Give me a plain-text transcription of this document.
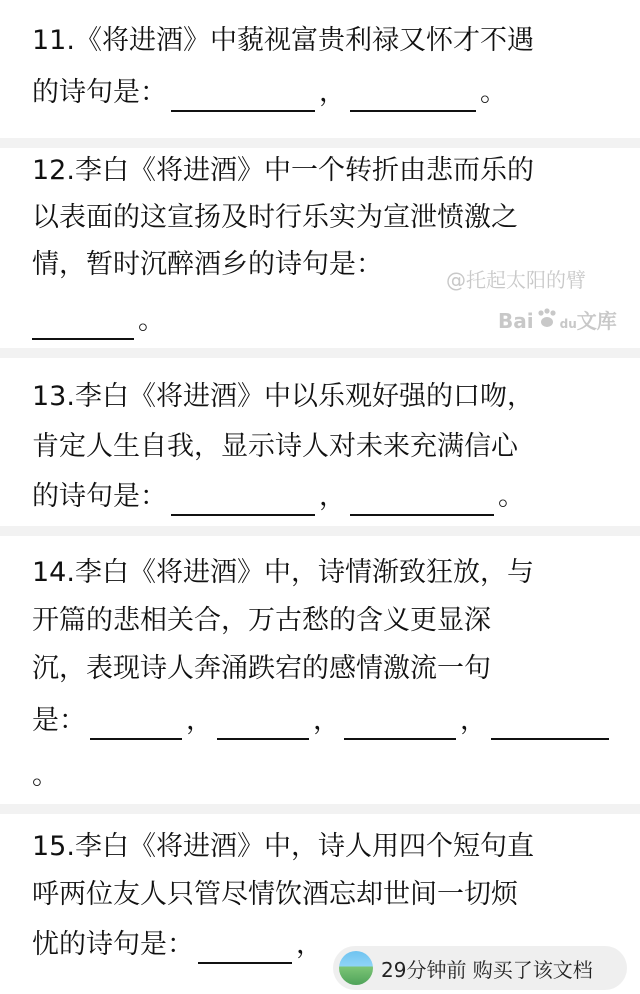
11.《将进酒》中藐视富贵利禄又怀才不遇
的诗句是：	，	。
12.李白《将进酒》中一个转折由悲而乐的
以表面的这宣扬及时行乐实为宣泄愤激之
情，暂时沉醉酒乡的诗句是：
。
13.李白《将进酒》中以乐观好强的口吻，
肯定人生自我，显示诗人对未来充满信心
的诗句是：	，	。
14.李白《将进酒》中，诗情渐致狂放，与
开篇的悲相关合，万古愁的含义更显深
沉，表现诗人奔涌跌宕的感情激流一句
是：	，	，	，
。
15.李白《将进酒》中，诗人用四个短句直
呼两位友人只管尽情饮酒忘却世间一切烦
忧的诗句是：	，
@托起太阳的臂
Bai du文库
29分钟前 购买了该文档
